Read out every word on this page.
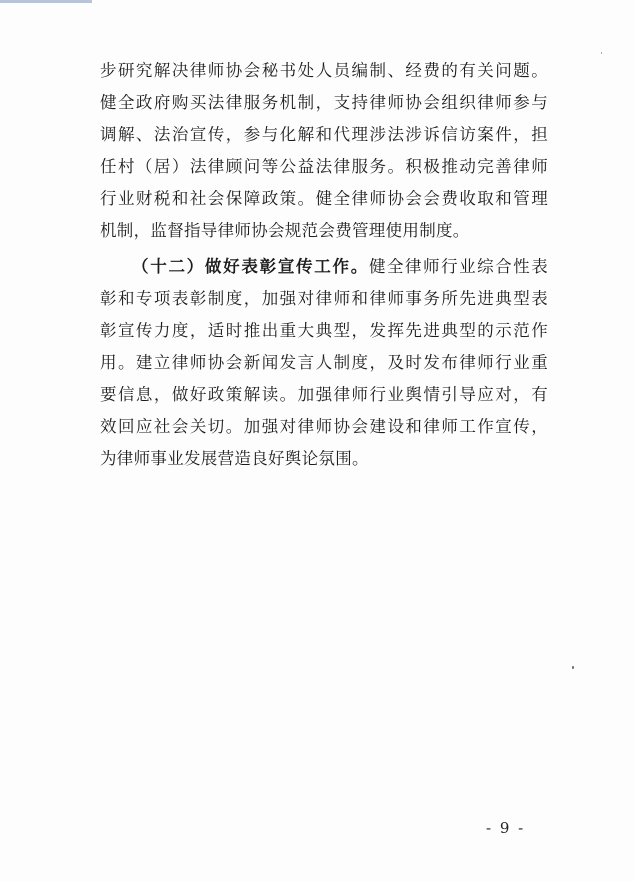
步研究解决律师协会秘书处人员编制、经费的有关问题。
健全政府购买法律服务机制，支持律师协会组织律师参与
调解、法治宣传，参与化解和代理涉法涉诉信访案件，担
任村（居）法律顾问等公益法律服务。积极推动完善律师
行业财税和社会保障政策。健全律师协会会费收取和管理
机制，监督指导律师协会规范会费管理使用制度。
（十二）做好表彰宣传工作。健全律师行业综合性表
彰和专项表彰制度，加强对律师和律师事务所先进典型表
彰宣传力度，适时推出重大典型，发挥先进典型的示范作
用。建立律师协会新闻发言人制度，及时发布律师行业重
要信息，做好政策解读。加强律师行业舆情引导应对，有
效回应社会关切。加强对律师协会建设和律师工作宣传，
为律师事业发展营造良好舆论氛围。
- 9 -
